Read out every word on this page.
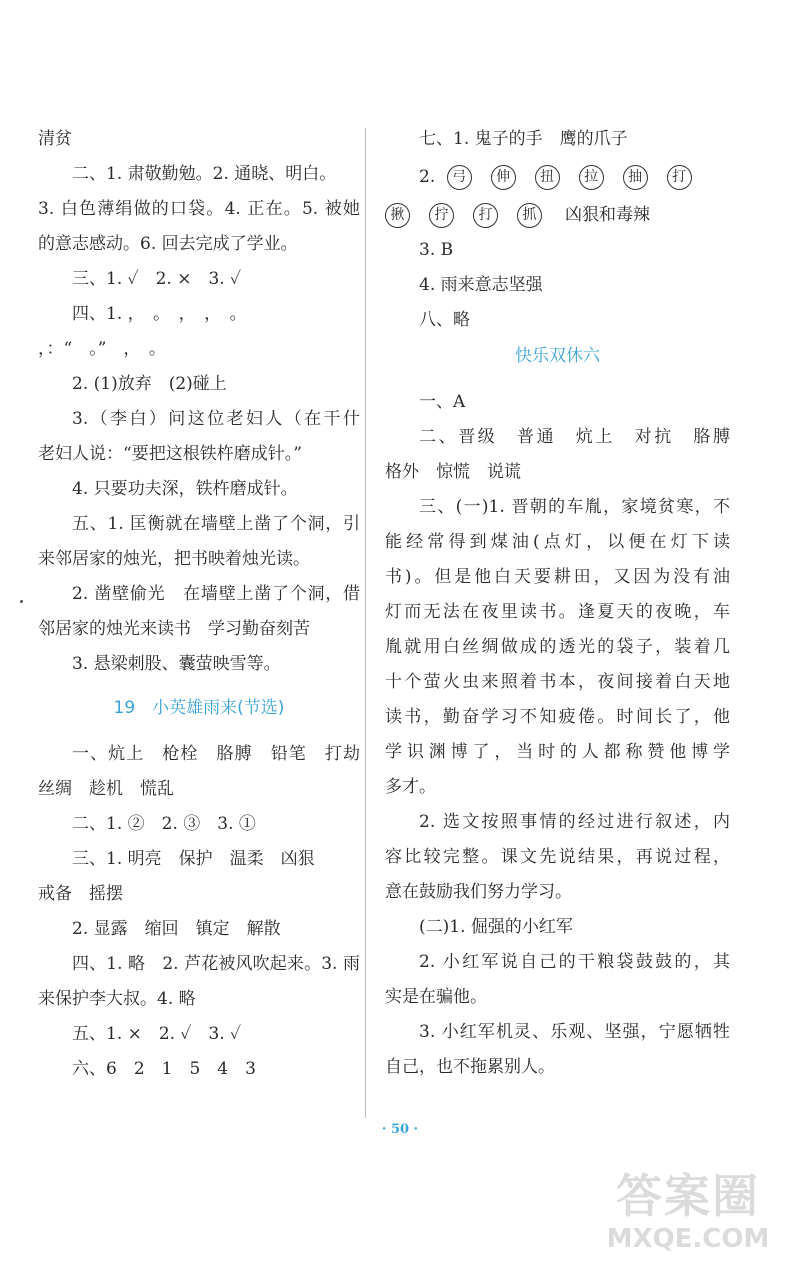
清贫
二、1. 肃敬勤勉。2. 通晓、明白。
3. 白色薄绢做的口袋。4. 正在。5. 被她
的意志感动。6. 回去完成了学业。
三、1. ✓　2. ×　3. ✓
四、1. ，　。　，　，　。
，：“　。”　，　。
2. (1)放弃　(2)碰上
3.（李白）问这位老妇人（在干什
老妇人说：“要把这根铁杵磨成针。”
4. 只要功夫深，铁杵磨成针。
五、1. 匡衡就在墙壁上凿了个洞，引
来邻居家的烛光，把书映着烛光读。
2. 凿壁偷光　在墙壁上凿了个洞，借
邻居家的烛光来读书　学习勤奋刻苦
3. 悬梁刺股、囊萤映雪等。
19　小英雄雨来(节选)
一、炕上　枪栓　胳膊　铅笔　打劫
丝绸　趁机　慌乱
二、1. ②　2. ③　3. ①
三、1. 明亮　保护　温柔　凶狠
戒备　摇摆
2. 显露　缩回　镇定　解散
四、1. 略　2. 芦花被风吹起来。3. 雨
来保护李大叔。4. 略
五、1. ×　2. ✓　3. ✓
六、6　2　1　5　4　3
七、1. 鬼子的手　鹰的爪子
2. 弓 伸 扭 拉 抽 打
揪 拧 打 抓 凶狠和毒辣
3. B
4. 雨来意志坚强
八、略
快乐双休六
一、A
二、晋级　普通　炕上　对抗　胳膊
格外　惊慌　说谎
三、(一)1. 晋朝的车胤，家境贫寒，不
能经常得到煤油(点灯，以便在灯下读
书)。但是他白天要耕田，又因为没有油
灯而无法在夜里读书。逢夏天的夜晚，车
胤就用白丝绸做成的透光的袋子，装着几
十个萤火虫来照着书本，夜间接着白天地
读书，勤奋学习不知疲倦。时间长了，他
学识渊博了，当时的人都称赞他博学
多才。
2. 选文按照事情的经过进行叙述，内
容比较完整。课文先说结果，再说过程，
意在鼓励我们努力学习。
(二)1. 倔强的小红军
2. 小红军说自己的干粮袋鼓鼓的，其
实是在骗他。
3. 小红军机灵、乐观、坚强，宁愿牺牲
自己，也不拖累别人。
· 50 ·
答案圈
MXQE.COM
